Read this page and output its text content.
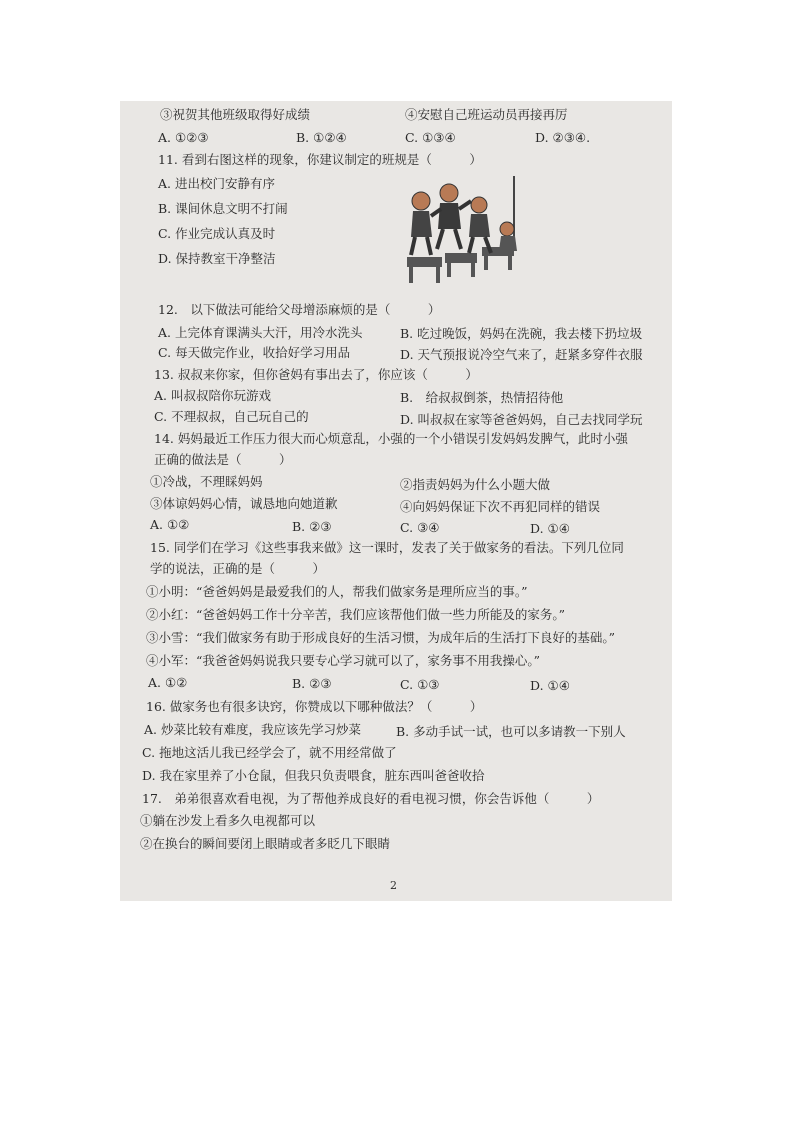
③祝贺其他班级取得好成绩	④安慰自己班运动员再接再厉
A. ①②③	B. ①②④	C. ①③④	D. ②③④.
11. 看到右图这样的现象，你建议制定的班规是（　　　）
A. 进出校门安静有序
B. 课间休息文明不打闹
C. 作业完成认真及时
D. 保持教室干净整洁
12.　以下做法可能给父母增添麻烦的是（　　　）
A. 上完体育课满头大汗，用冷水洗头	B. 吃过晚饭，妈妈在洗碗，我去楼下扔垃圾
C. 每天做完作业，收拾好学习用品	D. 天气预报说冷空气来了，赶紧多穿件衣服
13. 叔叔来你家，但你爸妈有事出去了，你应该（　　　）
A. 叫叔叔陪你玩游戏	B.　给叔叔倒茶，热情招待他
C. 不理叔叔，自己玩自己的	D. 叫叔叔在家等爸爸妈妈，自己去找同学玩
14. 妈妈最近工作压力很大而心烦意乱，小强的一个小错误引发妈妈发脾气，此时小强
正确的做法是（　　　）
①冷战，不理睬妈妈	②指责妈妈为什么小题大做
③体谅妈妈心情，诚恳地向她道歉	④向妈妈保证下次不再犯同样的错误
A. ①②	B. ②③	C. ③④	D. ①④
15. 同学们在学习《这些事我来做》这一课时，发表了关于做家务的看法。下列几位同
学的说法，正确的是（　　　）
①小明：“爸爸妈妈是最爱我们的人，帮我们做家务是理所应当的事。”
②小红：“爸爸妈妈工作十分辛苦，我们应该帮他们做一些力所能及的家务。”
③小雪：“我们做家务有助于形成良好的生活习惯，为成年后的生活打下良好的基础。”
④小军：“我爸爸妈妈说我只要专心学习就可以了，家务事不用我操心。”
A. ①②	B. ②③	C. ①③	D. ①④
16. 做家务也有很多诀窍，你赞成以下哪种做法？（　　　）
A. 炒菜比较有难度，我应该先学习炒菜	B. 多动手试一试，也可以多请教一下别人
C. 拖地这活儿我已经学会了，就不用经常做了
D. 我在家里养了小仓鼠，但我只负责喂食，脏东西叫爸爸收拾
17.　弟弟很喜欢看电视，为了帮他养成良好的看电视习惯，你会告诉他（　　　）
①躺在沙发上看多久电视都可以
②在换台的瞬间要闭上眼睛或者多眨几下眼睛
2
